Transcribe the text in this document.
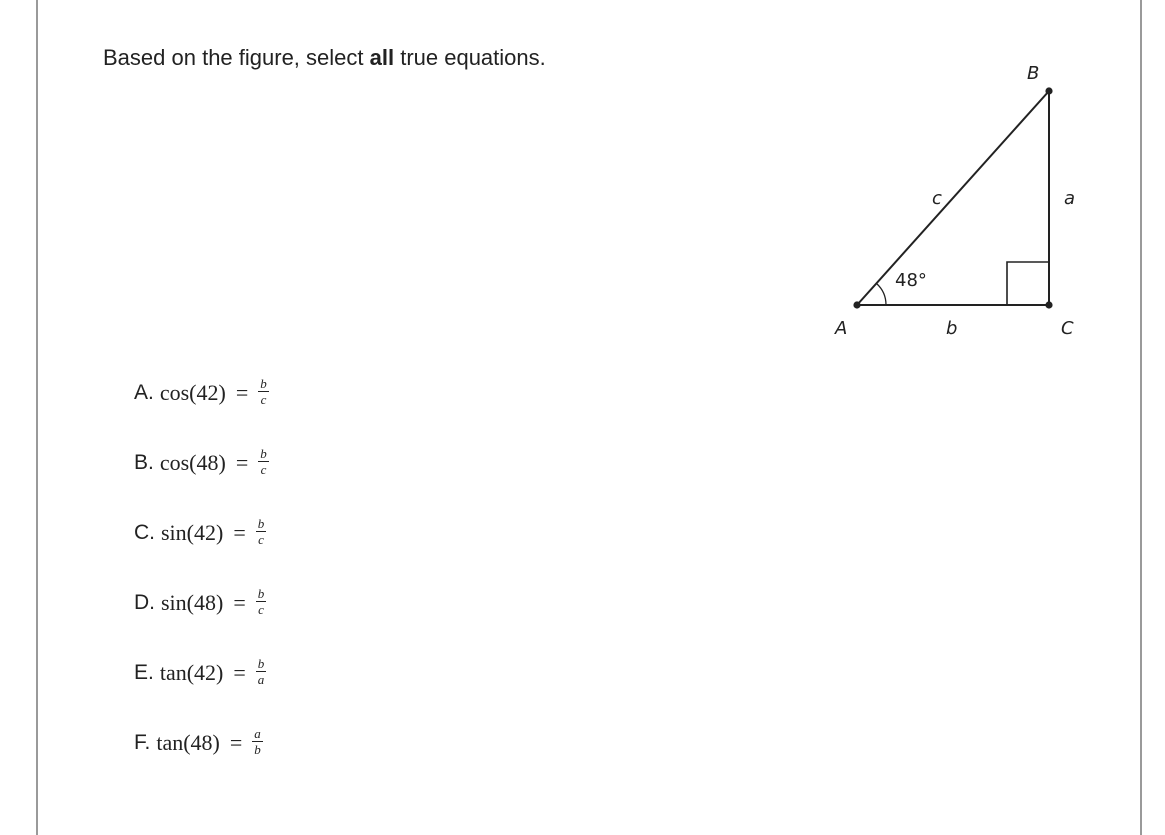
Based on the figure, select all true equations.
A
B
C
a
b
c
48°
A. $\cos(42) = \frac{b}{c}$
B. $\cos(48) = \frac{b}{c}$
C. $\sin(42) = \frac{b}{c}$
D. $\sin(48) = \frac{b}{c}$
E. $\tan(42) = \frac{b}{a}$
F. $\tan(48) = \frac{a}{b}$
